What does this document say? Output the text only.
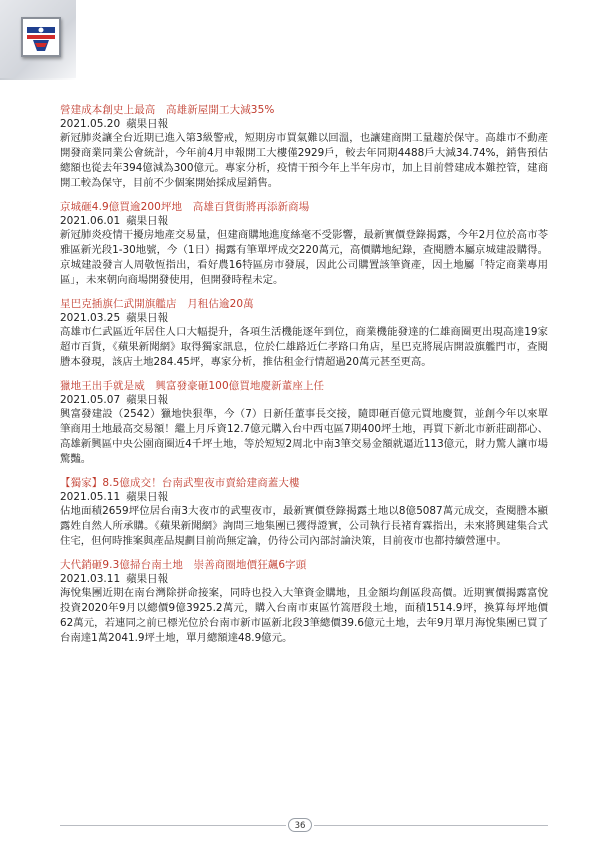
營建成本創史上最高　高雄新屋開工大減35%
2021.05.20 蘋果日報
新冠肺炎讓全台近期已進入第3級警戒，短期房市買氣難以回溫，也讓建商開工量趨於保守。高雄市不動產開發商業同業公會統計，今年前4月申報開工大樓僅2929戶，較去年同期4488戶大減34.74%，銷售預估總額也從去年394億減為300億元。專家分析，疫情干預今年上半年房市，加上目前營建成本難控管，建商開工較為保守，目前不少個案開始採成屋銷售。
京城砸4.9億買逾200坪地　高雄百貨街將再添新商場
2021.06.01 蘋果日報
新冠肺炎疫情干擾房地產交易量，但建商購地進度絲毫不受影響，最新實價登錄揭露，今年2月位於高市苓雅區新光段1-30地號，今（1日）揭露有筆單坪成交220萬元，高價購地紀錄，查閱謄本屬京城建設購得。京城建設發言人周敬恆指出，看好農16特區房市發展，因此公司購置該筆資產，因土地屬「特定商業專用區」，未來朝向商場開發使用，但開發時程未定。
星巴克插旗仁武開旗艦店　月租估逾20萬
2021.03.25 蘋果日報
高雄市仁武區近年居住人口大幅提升，各項生活機能逐年到位，商業機能發達的仁雄商圈更出現高達19家超市百貨，《蘋果新聞網》取得獨家訊息，位於仁雄路近仁孝路口角店，星巴克將展店開設旗艦門市，查閱謄本發現，該店土地284.45坪，專家分析，推估租金行情超過20萬元甚至更高。
獵地王出手就是威　興富發豪砸100億買地慶新董座上任
2021.05.07 蘋果日報
興富發建設（2542）獵地快狠準，今（7）日新任董事長交接，隨即砸百億元買地慶賀，並創今年以來單筆商用土地最高交易額！繼上月斥資12.7億元購入台中西屯區7期400坪土地，再買下新北市新莊副都心、高雄新興區中央公園商圈近4千坪土地，等於短短2周北中南3筆交易金額就逼近113億元，財力驚人讓市場驚豔。
【獨家】8.5億成交！台南武聖夜市賣給建商蓋大樓
2021.05.11 蘋果日報
佔地面積2659坪位居台南3大夜市的武聖夜市，最新實價登錄揭露土地以8億5087萬元成交，查閱謄本顯露姓自然人所承購。《蘋果新聞網》詢問三地集團已獲得證實，公司執行長褚育霖指出，未來將興建集合式住宅，但何時推案與產品規劃目前尚無定論，仍待公司內部討論決策，目前夜市也都持續營運中。
大代銷砸9.3億掃台南土地　崇善商圈地價狂飆6字頭
2021.03.11 蘋果日報
海悅集團近期在南台灣除拼命接案，同時也投入大筆資金購地，且金額均創區段高價。近期實價揭露富悅投資2020年9月以總價9億3925.2萬元，購入台南市東區竹篙厝段土地，面積1514.9坪，換算每坪地價62萬元，若連同之前已標光位於台南市新市區新北段3筆總價39.6億元土地，去年9月單月海悅集團已買了台南達1萬2041.9坪土地，單月總額達48.9億元。
36
